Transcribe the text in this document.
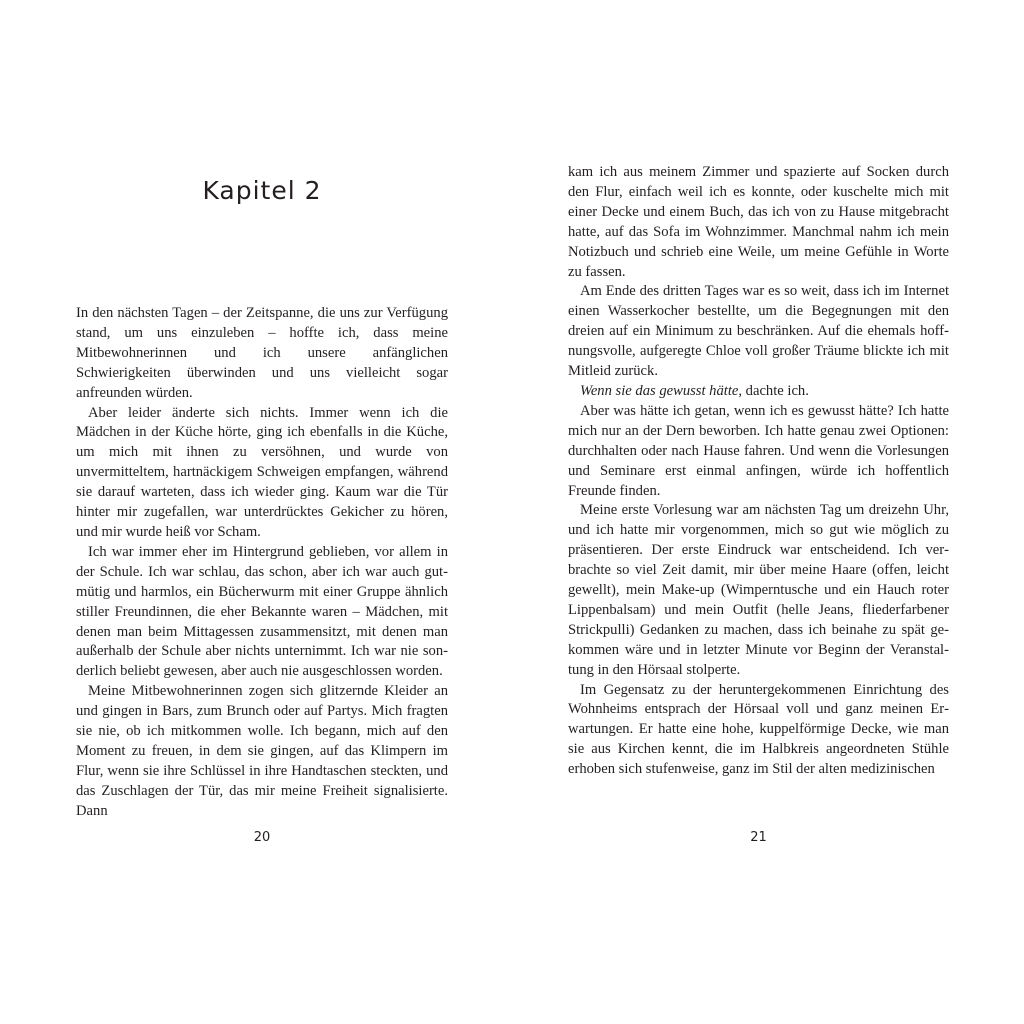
Kapitel 2

In den nächsten Tagen – der Zeitspanne, die uns zur Verfügung stand, um uns einzuleben – hoffte ich, dass meine Mitbewohnerinnen und ich unsere anfänglichen Schwierigkeiten überwinden und uns vielleicht sogar anfreunden würden.

Aber leider änderte sich nichts. Immer wenn ich die Mädchen in der Küche hörte, ging ich ebenfalls in die Küche, um mich mit ihnen zu versöhnen, und wurde von unvermitteltem, hartnäckigem Schweigen empfangen, während sie darauf warteten, dass ich wieder ging. Kaum war die Tür hinter mir zugefallen, war unterdrücktes Gekicher zu hören, und mir wurde heiß vor Scham.

Ich war immer eher im Hintergrund geblieben, vor allem in der Schule. Ich war schlau, das schon, aber ich war auch gutmütig und harmlos, ein Bücherwurm mit einer Gruppe ähnlich stiller Freundinnen, die eher Bekannte waren – Mädchen, mit denen man beim Mittagessen zusammensitzt, mit denen man außerhalb der Schule aber nichts unternimmt. Ich war nie sonderlich beliebt gewesen, aber auch nie ausgeschlossen worden.

Meine Mitbewohnerinnen zogen sich glitzernde Kleider an und gingen in Bars, zum Brunch oder auf Partys. Mich fragten sie nie, ob ich mitkommen wolle. Ich begann, mich auf den Moment zu freuen, in dem sie gingen, auf das Klimpern im Flur, wenn sie ihre Schlüssel in ihre Handtaschen steckten, und das Zuschlagen der Tür, das mir meine Freiheit signalisierte. Dann

20

kam ich aus meinem Zimmer und spazierte auf Socken durch den Flur, einfach weil ich es konnte, oder kuschelte mich mit einer Decke und einem Buch, das ich von zu Hause mitgebracht hatte, auf das Sofa im Wohnzimmer. Manchmal nahm ich mein Notizbuch und schrieb eine Weile, um meine Gefühle in Worte zu fassen.

Am Ende des dritten Tages war es so weit, dass ich im Internet einen Wasserkocher bestellte, um die Begegnungen mit den dreien auf ein Minimum zu beschränken. Auf die ehemals hoffnungsvolle, aufgeregte Chloe voll großer Träume blickte ich mit Mitleid zurück.

Wenn sie das gewusst hätte, dachte ich.

Aber was hätte ich getan, wenn ich es gewusst hätte? Ich hatte mich nur an der Dern beworben. Ich hatte genau zwei Optionen: durchhalten oder nach Hause fahren. Und wenn die Vorlesungen und Seminare erst einmal anfingen, würde ich hoffentlich Freunde finden.

Meine erste Vorlesung war am nächsten Tag um dreizehn Uhr, und ich hatte mir vorgenommen, mich so gut wie möglich zu präsentieren. Der erste Eindruck war entscheidend. Ich verbrachte so viel Zeit damit, mir über meine Haare (offen, leicht gewellt), mein Make-up (Wimperntusche und ein Hauch roter Lippenbalsam) und mein Outfit (helle Jeans, fliederfarbener Strickpulli) Gedanken zu machen, dass ich beinahe zu spät gekommen wäre und in letzter Minute vor Beginn der Veranstaltung in den Hörsaal stolperte.

Im Gegensatz zu der heruntergekommenen Einrichtung des Wohnheims entsprach der Hörsaal voll und ganz meinen Erwartungen. Er hatte eine hohe, kuppelförmige Decke, wie man sie aus Kirchen kennt, die im Halbkreis angeordneten Stühle erhoben sich stufenweise, ganz im Stil der alten medizinischen

21
